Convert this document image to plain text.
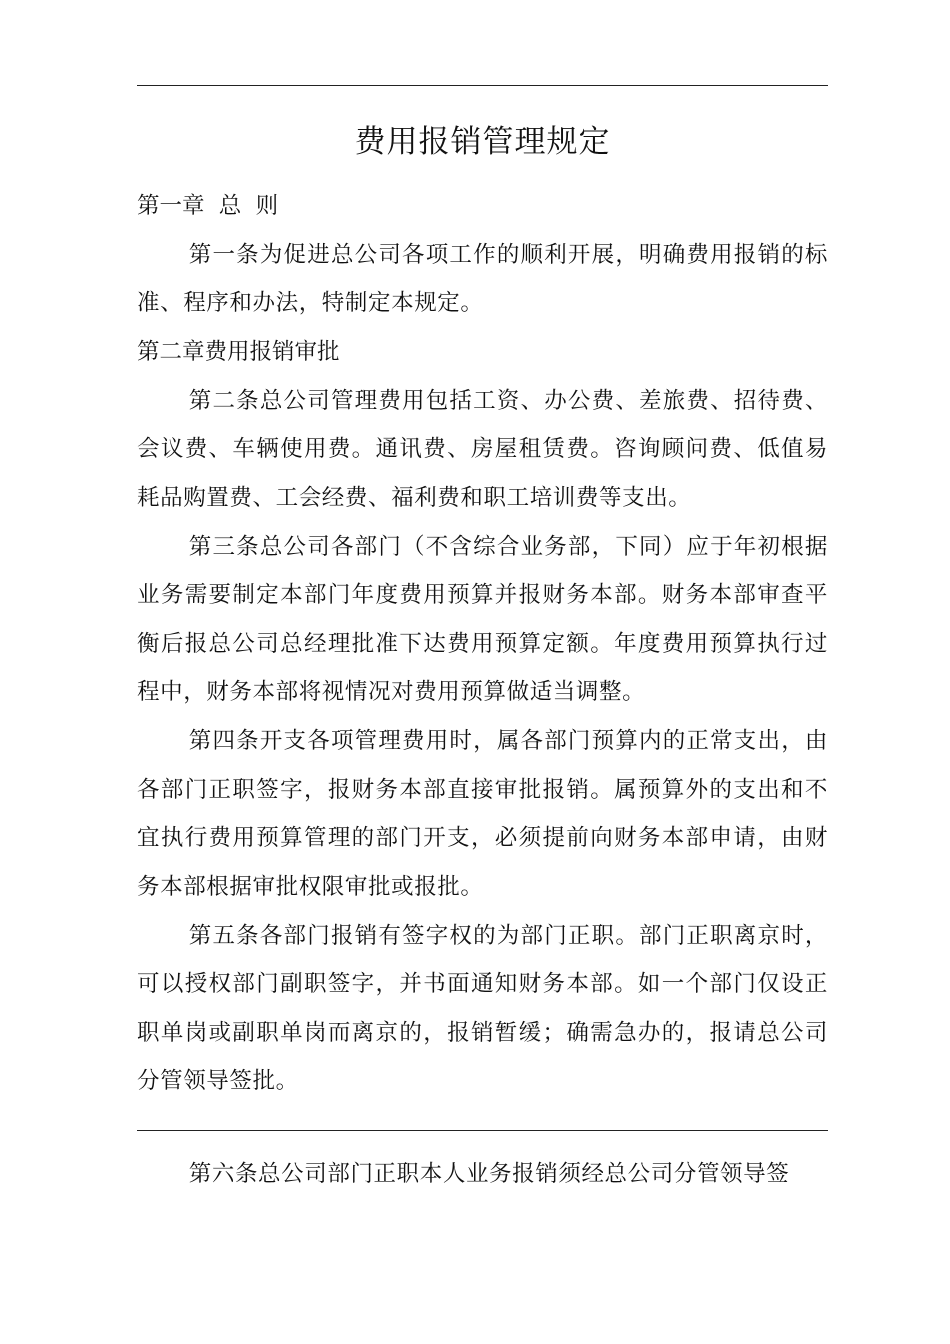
费用报销管理规定

第一章  总  则

第一条为促进总公司各项工作的顺利开展，明确费用报销的标准、程序和办法，特制定本规定。

第二章费用报销审批

第二条总公司管理费用包括工资、办公费、差旅费、招待费、会议费、车辆使用费。通讯费、房屋租赁费。咨询顾问费、低值易耗品购置费、工会经费、福利费和职工培训费等支出。

第三条总公司各部门（不含综合业务部，下同）应于年初根据业务需要制定本部门年度费用预算并报财务本部。财务本部审查平衡后报总公司总经理批准下达费用预算定额。年度费用预算执行过程中，财务本部将视情况对费用预算做适当调整。

第四条开支各项管理费用时，属各部门预算内的正常支出，由各部门正职签字，报财务本部直接审批报销。属预算外的支出和不宜执行费用预算管理的部门开支，必须提前向财务本部申请，由财务本部根据审批权限审批或报批。

第五条各部门报销有签字权的为部门正职。部门正职离京时，可以授权部门副职签字，并书面通知财务本部。如一个部门仅设正职单岗或副职单岗而离京的，报销暂缓；确需急办的，报请总公司分管领导签批。

第六条总公司部门正职本人业务报销须经总公司分管领导签
